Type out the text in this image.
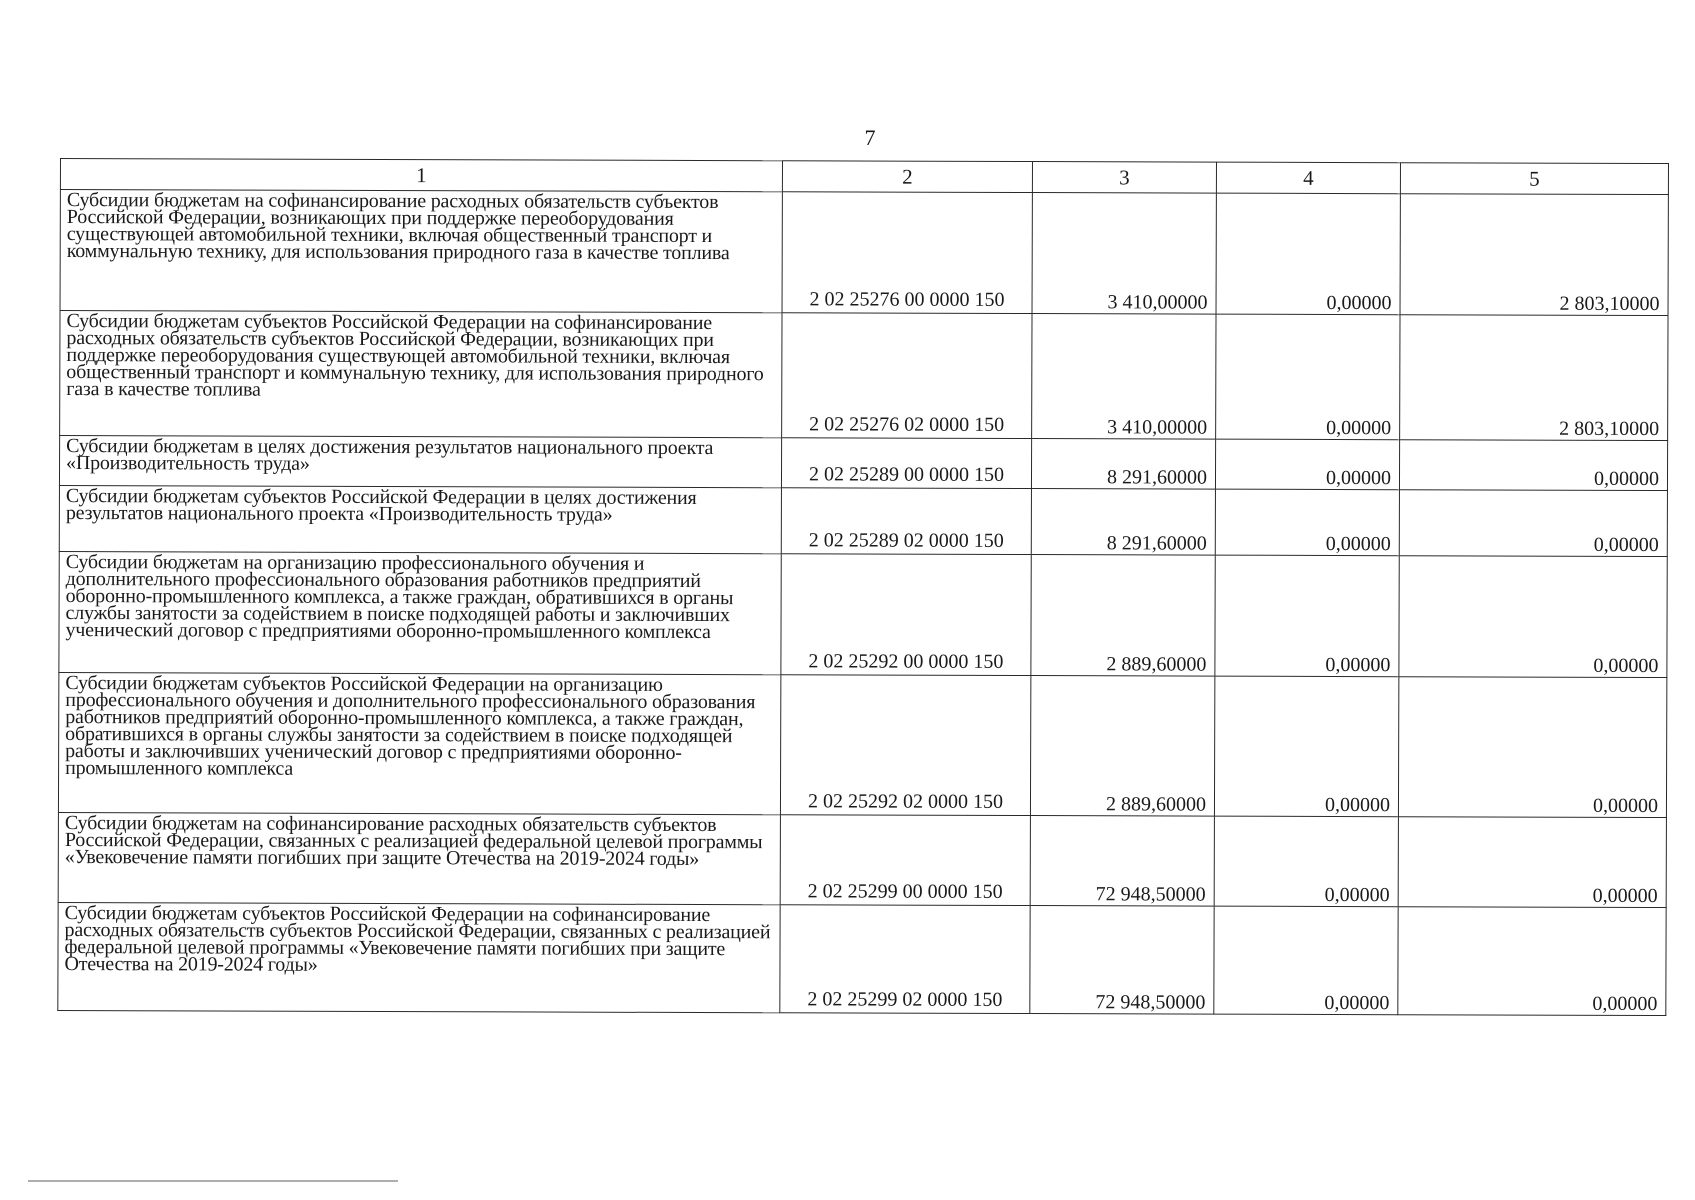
7
1	2	3	4	5
Субсидии бюджетам на софинансирование расходных обязательств субъектов Российской Федерации, возникающих при поддержке переоборудования существующей автомобильной техники, включая общественный транспорт и коммунальную технику, для использования природного газа в качестве топлива	2 02 25276 00 0000 150	3 410,00000	0,00000	2 803,10000
Субсидии бюджетам субъектов Российской Федерации на софинансирование расходных обязательств субъектов Российской Федерации, возникающих при поддержке переоборудования существующей автомобильной техники, включая общественный транспорт и коммунальную технику, для использования природного газа в качестве топлива	2 02 25276 02 0000 150	3 410,00000	0,00000	2 803,10000
Субсидии бюджетам в целях достижения результатов национального проекта «Производительность труда»	2 02 25289 00 0000 150	8 291,60000	0,00000	0,00000
Субсидии бюджетам субъектов Российской Федерации в целях достижения результатов национального проекта «Производительность труда»	2 02 25289 02 0000 150	8 291,60000	0,00000	0,00000
Субсидии бюджетам на организацию профессионального обучения и дополнительного профессионального образования работников предприятий оборонно-промышленного комплекса, а также граждан, обратившихся в органы службы занятости за содействием в поиске подходящей работы и заключивших ученический договор с предприятиями оборонно-промышленного комплекса	2 02 25292 00 0000 150	2 889,60000	0,00000	0,00000
Субсидии бюджетам субъектов Российской Федерации на организацию профессионального обучения и дополнительного профессионального образования работников предприятий оборонно-промышленного комплекса, а также граждан, обратившихся в органы службы занятости за содействием в поиске подходящей работы и заключивших ученический договор с предприятиями оборонно-промышленного комплекса	2 02 25292 02 0000 150	2 889,60000	0,00000	0,00000
Субсидии бюджетам на софинансирование расходных обязательств субъектов Российской Федерации, связанных с реализацией федеральной целевой программы «Увековечение памяти погибших при защите Отечества на 2019-2024 годы»	2 02 25299 00 0000 150	72 948,50000	0,00000	0,00000
Субсидии бюджетам субъектов Российской Федерации на софинансирование расходных обязательств субъектов Российской Федерации, связанных с реализацией федеральной целевой программы «Увековечение памяти погибших при защите Отечества на 2019-2024 годы»	2 02 25299 02 0000 150	72 948,50000	0,00000	0,00000
